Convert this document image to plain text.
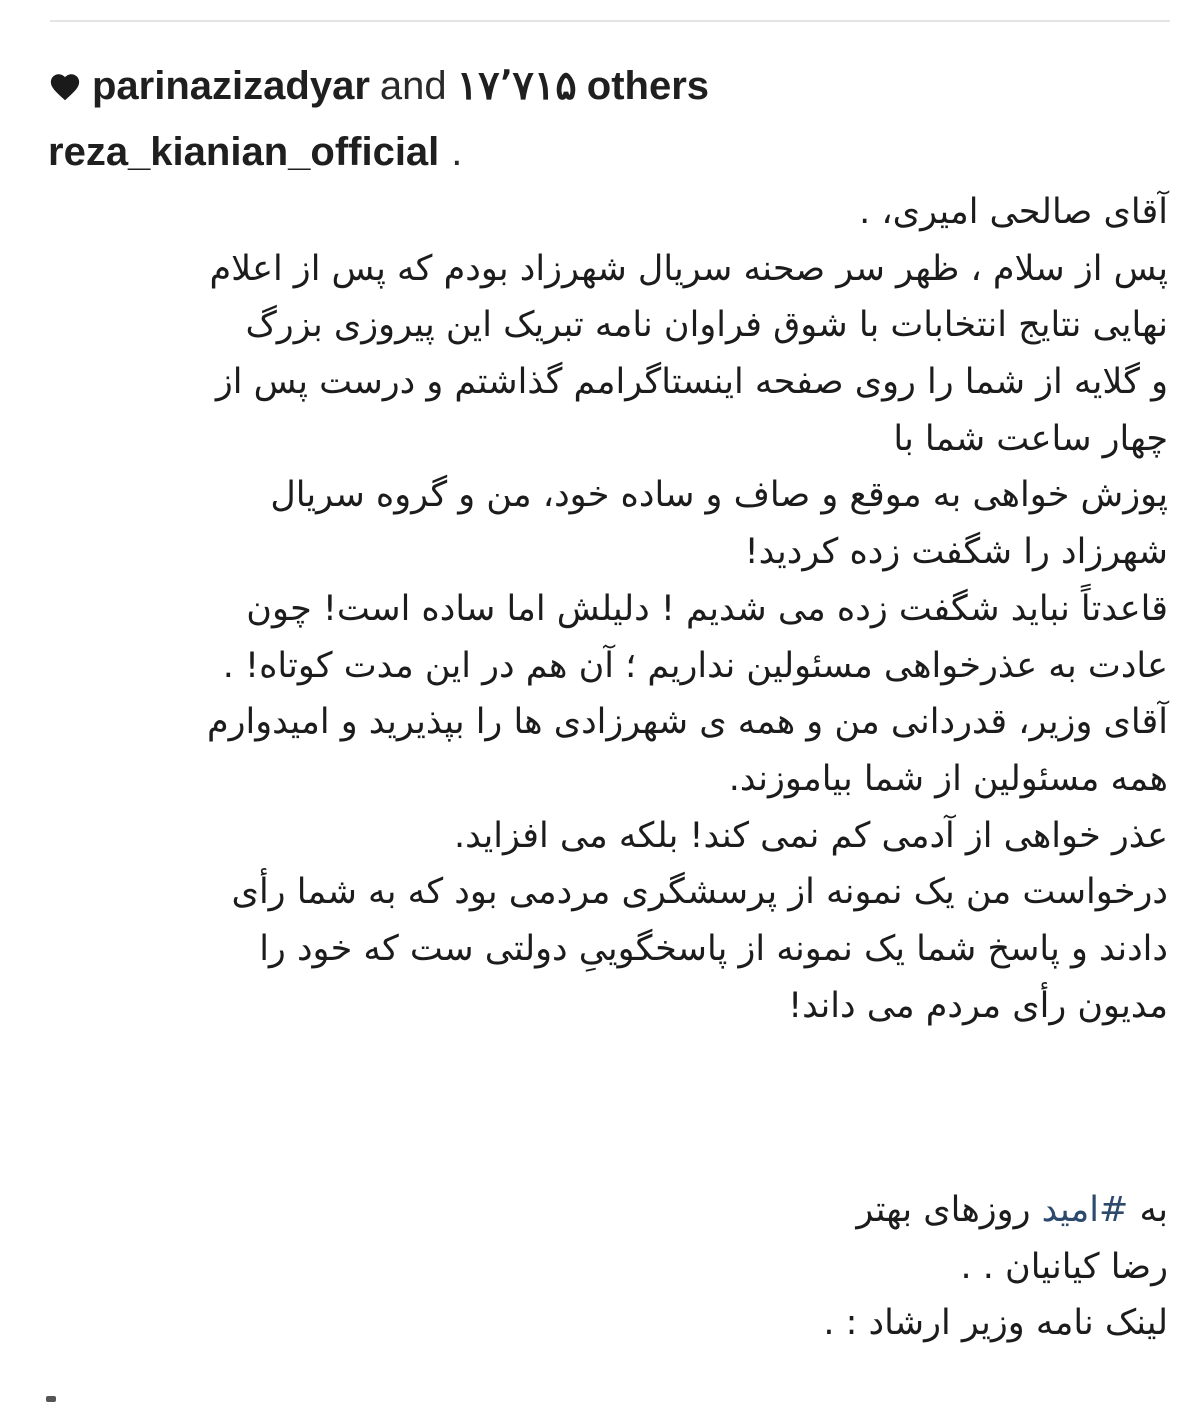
parinazizadyar and ۱۷٬۷۱۵ others
reza_kianian_official .
آقای صالحی امیری، .
پس از سلام ، ظهر سر صحنه سریال شهرزاد بودم که پس از اعلام
نهایی نتایج انتخابات با شوق فراوان نامه تبریک این پیروزی بزرگ
و گلایه از شما را روی صفحه اینستاگرامم گذاشتم و درست پس از
چهار ساعت شما با
پوزش خواهی به موقع و صاف و ساده خود، من و گروه سریال
شهرزاد را شگفت زده کردید!
قاعدتاً نباید شگفت زده می شدیم ! دلیلش اما ساده است! چون
عادت به عذرخواهی مسئولین نداریم ؛ آن هم در این مدت کوتاه! .
آقای وزیر، قدردانی من و همه ی شهرزادی ها را بپذیرید و امیدوارم
همه مسئولین از شما بیاموزند.
عذر خواهی از آدمی کم نمی کند! بلکه می افزاید.
درخواست من یک نمونه از پرسشگری مردمی بود که به شما رأی
دادند و پاسخ شما یک نمونه از پاسخگوییِ دولتی ست که خود را
مدیون رأی مردم می داند!
به #امید روزهای بهتر
رضا کیانیان . .
لینک نامه وزیر ارشاد : .
